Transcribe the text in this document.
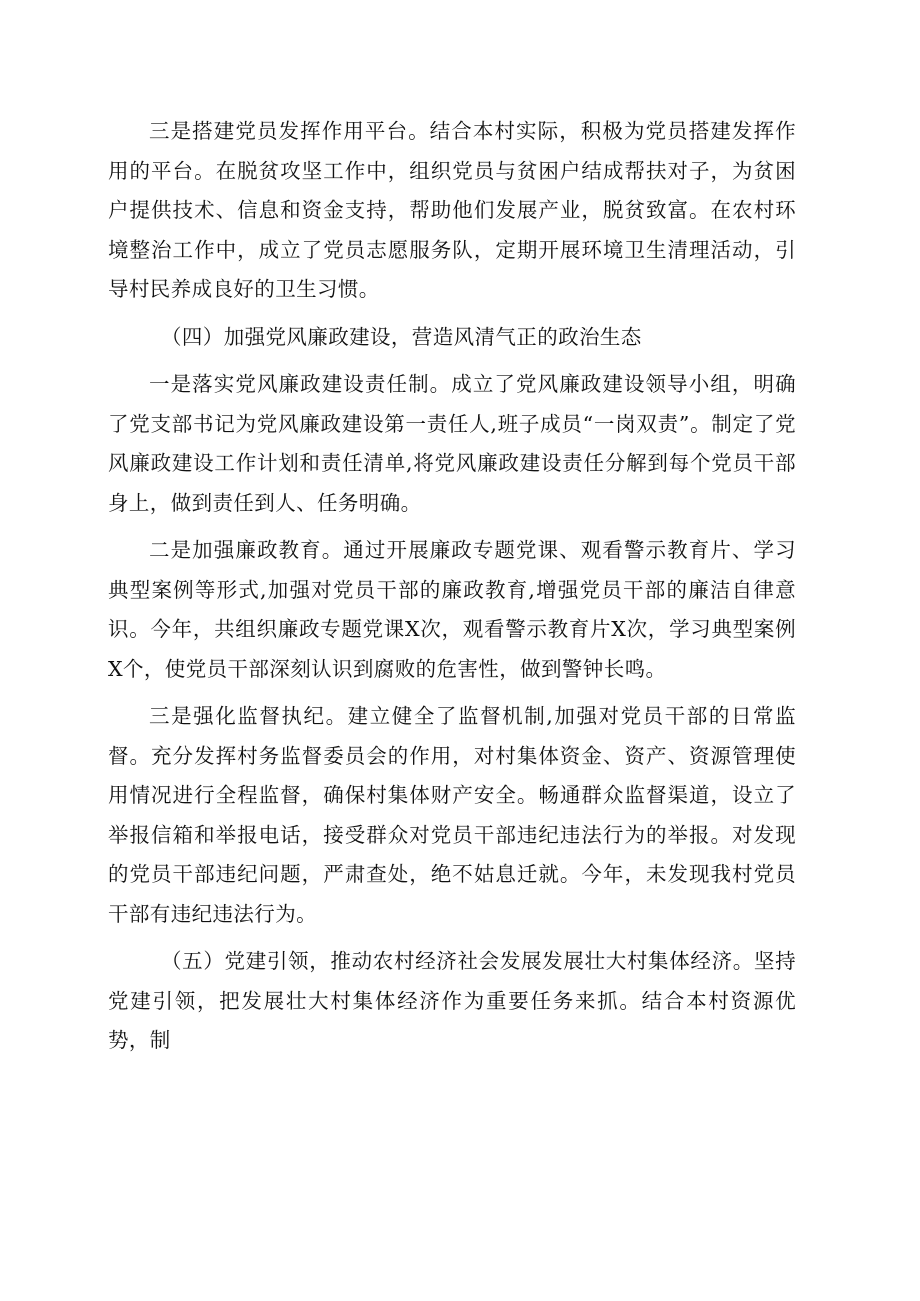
三是搭建党员发挥作用平台。结合本村实际，积极为党员搭建发挥作用的平台。在脱贫攻坚工作中，组织党员与贫困户结成帮扶对子，为贫困户提供技术、信息和资金支持，帮助他们发展产业，脱贫致富。在农村环境整治工作中，成立了党员志愿服务队，定期开展环境卫生清理活动，引导村民养成良好的卫生习惯。

（四）加强党风廉政建设，营造风清气正的政治生态

一是落实党风廉政建设责任制。成立了党风廉政建设领导小组，明确了党支部书记为党风廉政建设第一责任人,班子成员“一岗双责”。制定了党风廉政建设工作计划和责任清单,将党风廉政建设责任分解到每个党员干部身上，做到责任到人、任务明确。

二是加强廉政教育。通过开展廉政专题党课、观看警示教育片、学习典型案例等形式,加强对党员干部的廉政教育,增强党员干部的廉洁自律意识。今年，共组织廉政专题党课X次，观看警示教育片X次，学习典型案例X个，使党员干部深刻认识到腐败的危害性，做到警钟长鸣。

三是强化监督执纪。建立健全了监督机制,加强对党员干部的日常监督。充分发挥村务监督委员会的作用，对村集体资金、资产、资源管理使用情况进行全程监督，确保村集体财产安全。畅通群众监督渠道，设立了举报信箱和举报电话，接受群众对党员干部违纪违法行为的举报。对发现的党员干部违纪问题，严肃查处，绝不姑息迁就。今年，未发现我村党员干部有违纪违法行为。

（五）党建引领，推动农村经济社会发展发展壮大村集体经济。坚持党建引领，把发展壮大村集体经济作为重要任务来抓。结合本村资源优势，制
